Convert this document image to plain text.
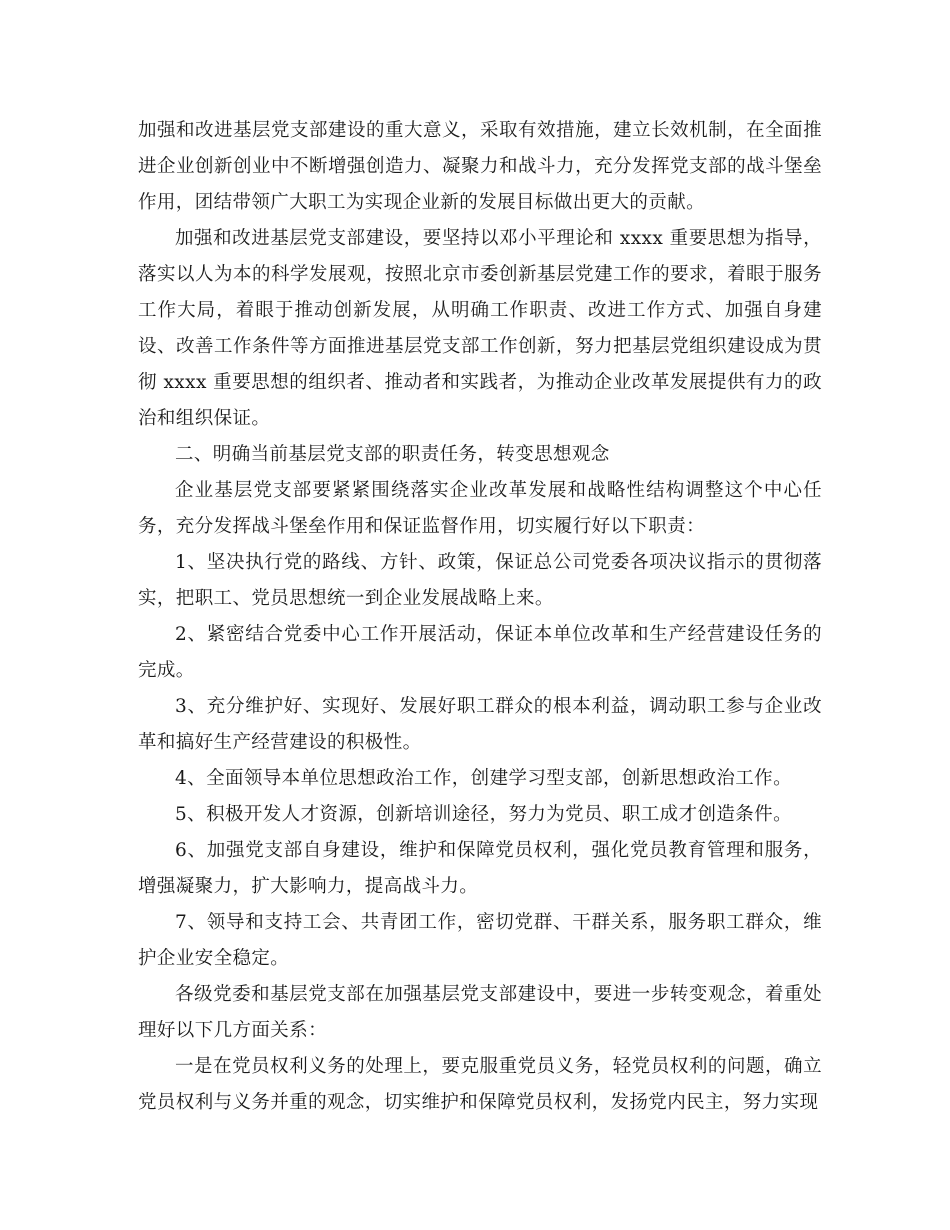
加强和改进基层党支部建设的重大意义，采取有效措施，建立长效机制，在全面推进企业创新创业中不断增强创造力、凝聚力和战斗力，充分发挥党支部的战斗堡垒作用，团结带领广大职工为实现企业新的发展目标做出更大的贡献。

加强和改进基层党支部建设，要坚持以邓小平理论和 xxxx 重要思想为指导，落实以人为本的科学发展观，按照北京市委创新基层党建工作的要求，着眼于服务工作大局，着眼于推动创新发展，从明确工作职责、改进工作方式、加强自身建设、改善工作条件等方面推进基层党支部工作创新，努力把基层党组织建设成为贯彻 xxxx 重要思想的组织者、推动者和实践者，为推动企业改革发展提供有力的政治和组织保证。

二、明确当前基层党支部的职责任务，转变思想观念

企业基层党支部要紧紧围绕落实企业改革发展和战略性结构调整这个中心任务，充分发挥战斗堡垒作用和保证监督作用，切实履行好以下职责：

1、坚决执行党的路线、方针、政策，保证总公司党委各项决议指示的贯彻落实，把职工、党员思想统一到企业发展战略上来。

2、紧密结合党委中心工作开展活动，保证本单位改革和生产经营建设任务的完成。

3、充分维护好、实现好、发展好职工群众的根本利益，调动职工参与企业改革和搞好生产经营建设的积极性。

4、全面领导本单位思想政治工作，创建学习型支部，创新思想政治工作。

5、积极开发人才资源，创新培训途径，努力为党员、职工成才创造条件。

6、加强党支部自身建设，维护和保障党员权利，强化党员教育管理和服务，增强凝聚力，扩大影响力，提高战斗力。

7、领导和支持工会、共青团工作，密切党群、干群关系，服务职工群众，维护企业安全稳定。

各级党委和基层党支部在加强基层党支部建设中，要进一步转变观念，着重处理好以下几方面关系：

一是在党员权利义务的处理上，要克服重党员义务，轻党员权利的问题，确立党员权利与义务并重的观念，切实维护和保障党员权利，发扬党内民主，努力实现
